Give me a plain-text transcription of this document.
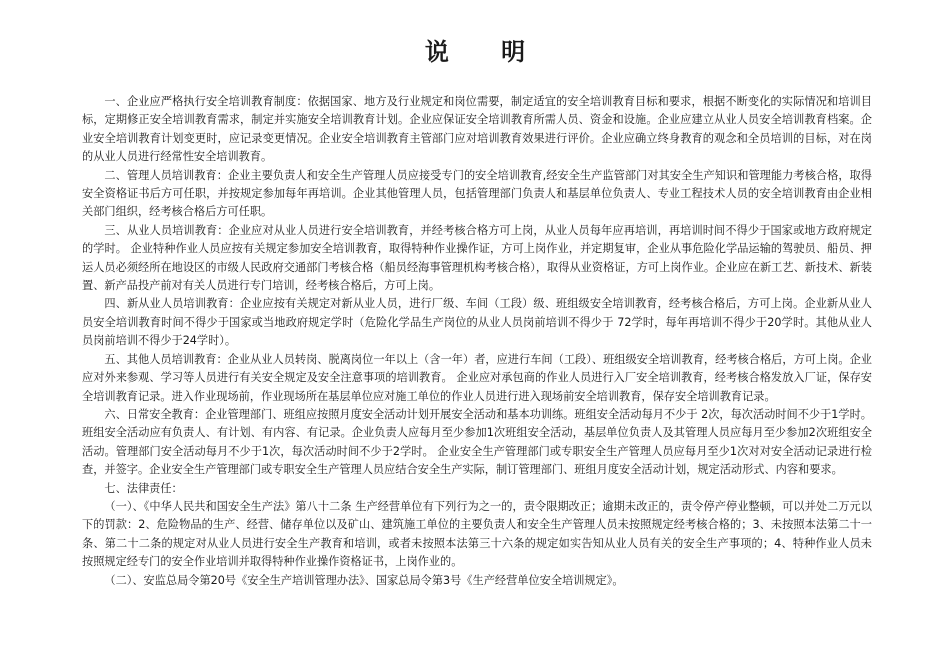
说 明

一、企业应严格执行安全培训教育制度：依据国家、地方及行业规定和岗位需要，制定适宜的安全培训教育目标和要求，根据不断变化的实际情况和培训目标，定期修正安全培训教育需求，制定并实施安全培训教育计划。企业应保证安全培训教育所需人员、资金和设施。企业应建立从业人员安全培训教育档案。企业安全培训教育计划变更时，应记录变更情况。企业安全培训教育主管部门应对培训教育效果进行评价。企业应确立终身教育的观念和全员培训的目标，对在岗的从业人员进行经常性安全培训教育。

二、管理人员培训教育：企业主要负责人和安全生产管理人员应接受专门的安全培训教育,经安全生产监管部门对其安全生产知识和管理能力考核合格，取得安全资格证书后方可任职，并按规定参加每年再培训。企业其他管理人员，包括管理部门负责人和基层单位负责人、专业工程技术人员的安全培训教育由企业相关部门组织，经考核合格后方可任职。

三、从业人员培训教育：企业应对从业人员进行安全培训教育，并经考核合格方可上岗，从业人员每年应再培训，再培训时间不得少于国家或地方政府规定的学时。 企业特种作业人员应按有关规定参加安全培训教育，取得特种作业操作证，方可上岗作业，并定期复审，企业从事危险化学品运输的驾驶员、船员、押运人员必须经所在地设区的市级人民政府交通部门考核合格（船员经海事管理机构考核合格），取得从业资格证，方可上岗作业。企业应在新工艺、新技术、新装置、新产品投产前对有关人员进行专门培训，经考核合格后，方可上岗。

四、新从业人员培训教育：企业应按有关规定对新从业人员，进行厂级、车间（工段）级、班组级安全培训教育，经考核合格后，方可上岗。企业新从业人员安全培训教育时间不得少于国家或当地政府规定学时（危险化学品生产岗位的从业人员岗前培训不得少于 72学时，每年再培训不得少于20学时。其他从业人员岗前培训不得少于24学时）。

五、其他人员培训教育：企业从业人员转岗、脱离岗位一年以上（含一年）者，应进行车间（工段）、班组级安全培训教育，经考核合格后，方可上岗。企业应对外来参观、学习等人员进行有关安全规定及安全注意事项的培训教育。 企业应对承包商的作业人员进行入厂安全培训教育，经考核合格发放入厂证，保存安全培训教育记录。进入作业现场前，作业现场所在基层单位应对施工单位的作业人员进行进入现场前安全培训教育，保存安全培训教育记录。

六、日常安全教育：企业管理部门、班组应按照月度安全活动计划开展安全活动和基本功训练。班组安全活动每月不少于 2次，每次活动时间不少于1学时。班组安全活动应有负责人、有计划、有内容、有记录。企业负责人应每月至少参加1次班组安全活动，基层单位负责人及其管理人员应每月至少参加2次班组安全活动。管理部门安全活动每月不少于1次，每次活动时间不少于2学时。 企业安全生产管理部门或专职安全生产管理人员应每月至少1次对对安全活动记录进行检查，并签字。企业安全生产管理部门或专职安全生产管理人员应结合安全生产实际，制订管理部门、班组月度安全活动计划，规定活动形式、内容和要求。

七、法律责任：

（一）、《中华人民共和国安全生产法》第八十二条 生产经营单位有下列行为之一的，责令限期改正；逾期未改正的，责令停产停业整顿，可以并处二万元以下的罚款：2、危险物品的生产、经营、储存单位以及矿山、建筑施工单位的主要负责人和安全生产管理人员未按照规定经考核合格的；3、未按照本法第二十一条、第二十二条的规定对从业人员进行安全生产教育和培训，或者未按照本法第三十六条的规定如实告知从业人员有关的安全生产事项的；4、特种作业人员未按照规定经专门的安全作业培训并取得特种作业操作资格证书，上岗作业的。

（二）、安监总局令第20号《安全生产培训管理办法》、国家总局令第3号《生产经营单位安全培训规定》。
